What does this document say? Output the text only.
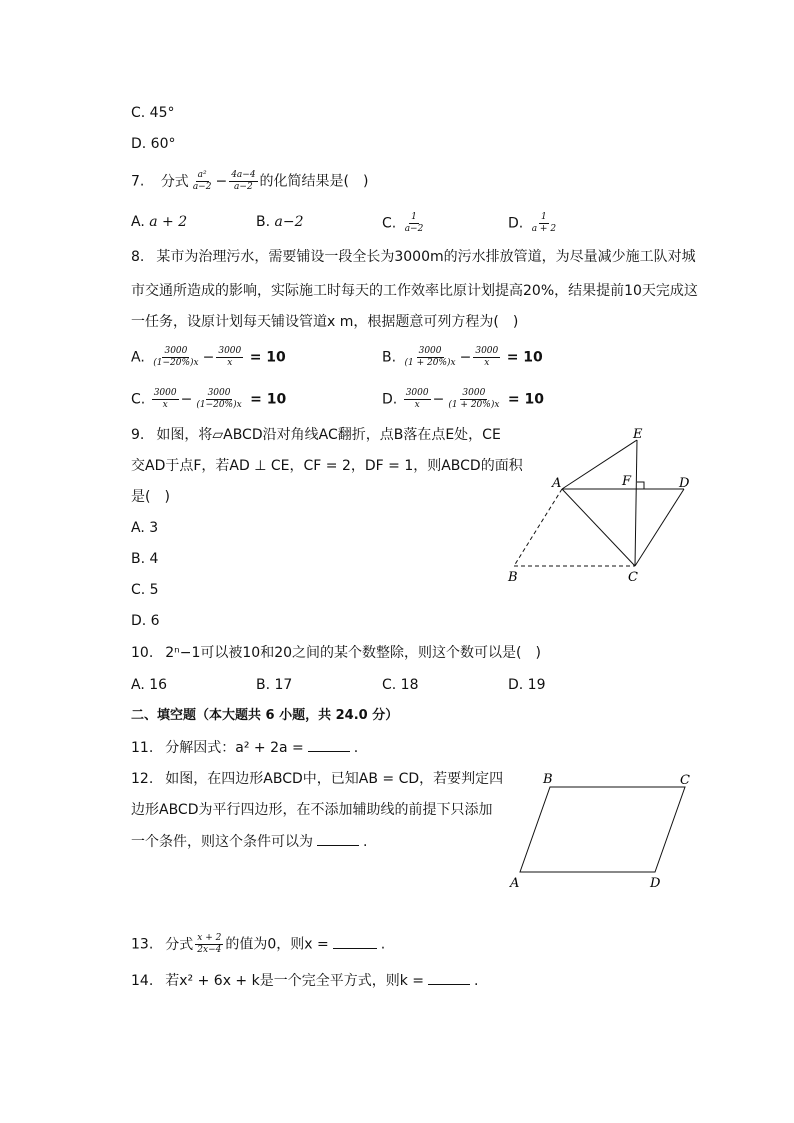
C. 45°
D. 60°
7. 分式 $\frac{\text{a²}}{a-2} - \frac{4a-4}{a-2}$ 的化简结果是(　)
A. a + 2	B. a−2	C. $\frac{1}{a-2}$	D. $\frac{1}{a + 2}$
8. 某市为治理污水，需要铺设一段全长为3000m的污水排放管道，为尽量减少施工队对城
市交通所造成的影响，实际施工时每天的工作效率比原计划提高20%，结果提前10天完成这
一任务，设原计划每天铺设管道x m，根据题意可列方程为(　)
A. $\frac{3000}{(1-20\%)x} - \frac{3000}{x} = 10$	B. $\frac{3000}{(1 + 20\%)x} - \frac{3000}{x} = 10$
C. $\frac{3000}{x} - \frac{3000}{(1-20\%)x} = 10$	D. $\frac{3000}{x} - \frac{3000}{(1 + 20\%)x} = 10$
9. 如图，将▱ABCD沿对角线AC翻折，点B落在点E处，CE
交AD于点F，若AD ⊥ CE，CF = 2，DF = 1，则ABCD的面积
是(　)
A. 3
B. 4
C. 5
D. 6
E
A	F	D
B	C
10. 2ⁿ−1可以被10和20之间的某个数整除，则这个数可以是(　)
A. 16	B. 17	C. 18	D. 19
二、填空题（本大题共 6 小题，共 24.0 分）
11. 分解因式：a² + 2a =	.
12. 如图，在四边形ABCD中，已知AB = CD，若要判定四
边形ABCD为平行四边形，在不添加辅助线的前提下只添加
一个条件，则这个条件可以为	.
B	C
A	D
13. 分式 $\frac{x + 2}{2x-4}$ 的值为0，则x =	.
14. 若x² + 6x + k是一个完全平方式，则k =	.
